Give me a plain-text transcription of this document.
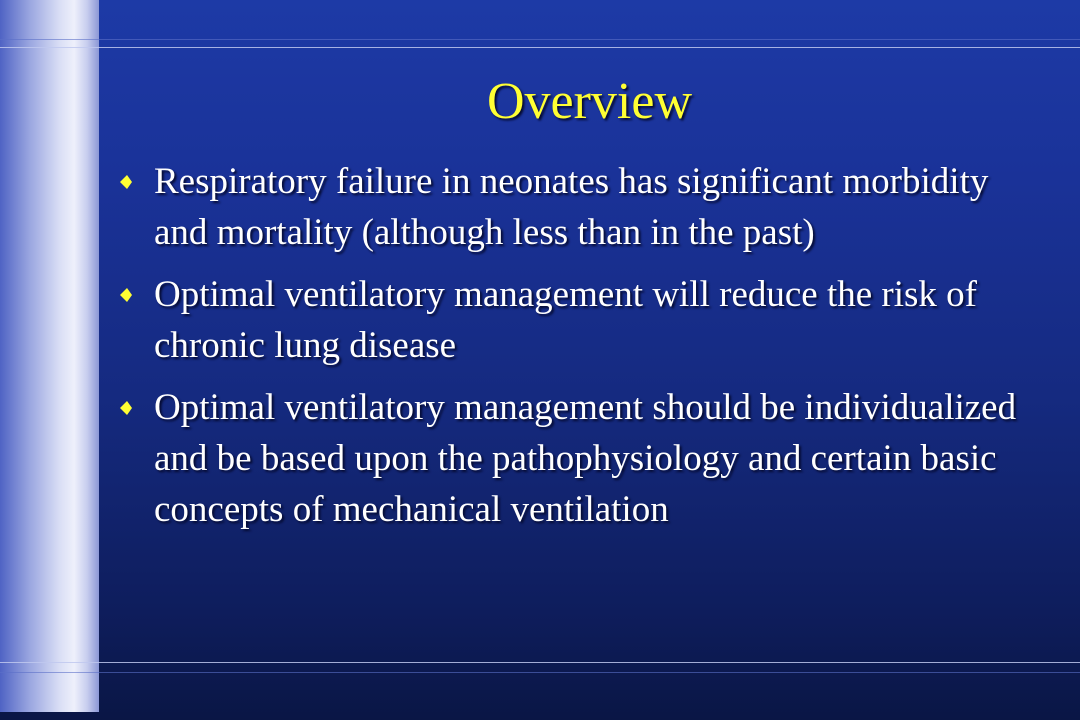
Overview
Respiratory failure in neonates has significant morbidity and mortality (although less than in the past)
Optimal ventilatory management will reduce the risk of chronic lung disease
Optimal ventilatory management should be individualized and be based upon the pathophysiology and certain basic concepts of mechanical ventilation
